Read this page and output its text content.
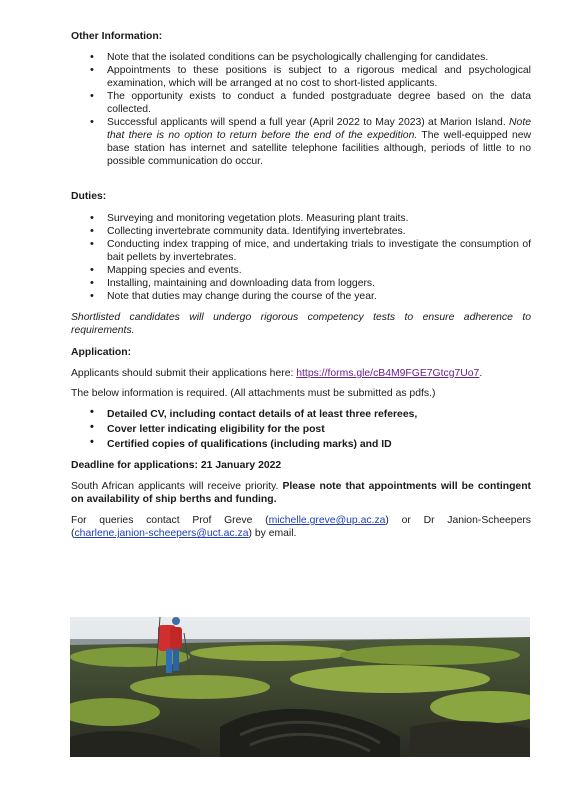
Other Information:

• Note that the isolated conditions can be psychologically challenging for candidates.
• Appointments to these positions is subject to a rigorous medical and psychological examination, which will be arranged at no cost to short-listed applicants.
• The opportunity exists to conduct a funded postgraduate degree based on the data collected.
• Successful applicants will spend a full year (April 2022 to May 2023) at Marion Island. Note that there is no option to return before the end of the expedition. The well-equipped new base station has internet and satellite telephone facilities although, periods of little to no possible communication do occur.

Duties:

• Surveying and monitoring vegetation plots. Measuring plant traits.
• Collecting invertebrate community data. Identifying invertebrates.
• Conducting index trapping of mice, and undertaking trials to investigate the consumption of bait pellets by invertebrates.
• Mapping species and events.
• Installing, maintaining and downloading data from loggers.
• Note that duties may change during the course of the year.

Shortlisted candidates will undergo rigorous competency tests to ensure adherence to requirements.

Application:

Applicants should submit their applications here: https://forms.gle/cB4M9FGE7Gtcg7Uo7.

The below information is required. (All attachments must be submitted as pdfs.)

• Detailed CV, including contact details of at least three referees,
• Cover letter indicating eligibility for the post
• Certified copies of qualifications (including marks) and ID

Deadline for applications: 21 January 2022

South African applicants will receive priority. Please note that appointments will be contingent on availability of ship berths and funding.

For queries contact Prof Greve (michelle.greve@up.ac.za) or Dr Janion-Scheepers (charlene.janion-scheepers@uct.ac.za) by email.
